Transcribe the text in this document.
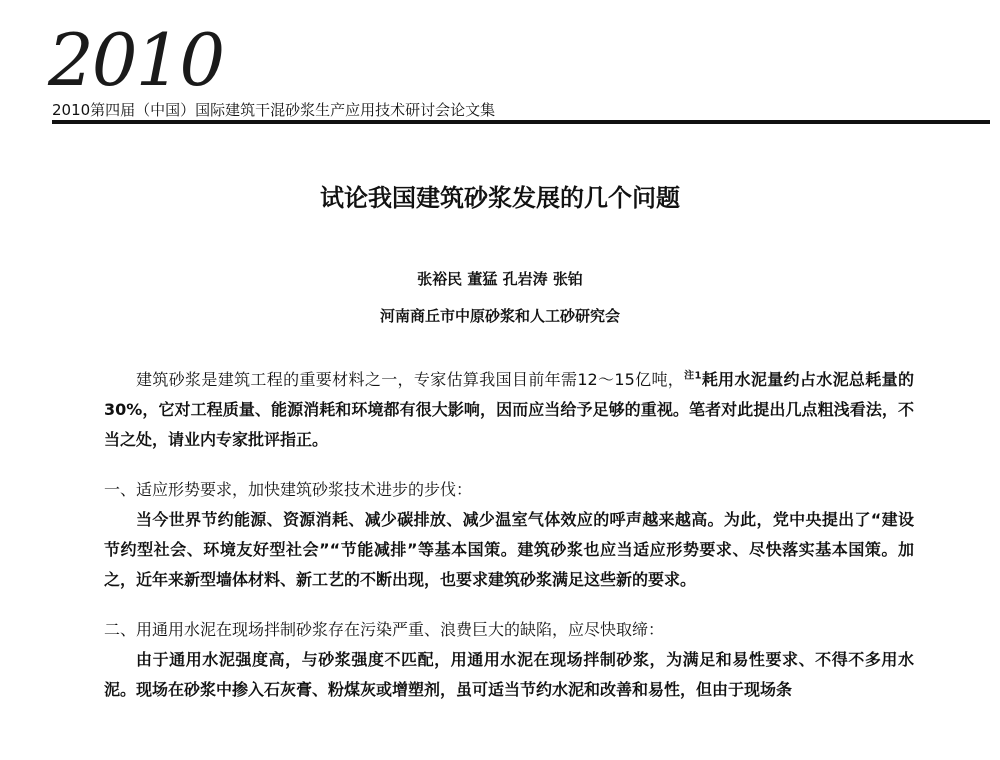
2010
2010第四届（中国）国际建筑干混砂浆生产应用技术研讨会论文集
试论我国建筑砂浆发展的几个问题
张裕民 董猛 孔岩涛 张铂
河南商丘市中原砂浆和人工砂研究会

建筑砂浆是建筑工程的重要材料之一，专家估算我国目前年需12～15亿吨，$^{注1}$耗用水泥量约占水泥总耗量的30%，它对工程质量、能源消耗和环境都有很大影响，因而应当给予足够的重视。笔者对此提出几点粗浅看法，不当之处，请业内专家批评指正。

一、适应形势要求，加快建筑砂浆技术进步的步伐：

当今世界节约能源、资源消耗、减少碳排放、减少温室气体效应的呼声越来越高。为此，党中央提出了“建设节约型社会、环境友好型社会”“节能减排”等基本国策。建筑砂浆也应当适应形势要求、尽快落实基本国策。加之，近年来新型墙体材料、新工艺的不断出现，也要求建筑砂浆满足这些新的要求。

二、用通用水泥在现场拌制砂浆存在污染严重、浪费巨大的缺陷，应尽快取缔：

由于通用水泥强度高，与砂浆强度不匹配，用通用水泥在现场拌制砂浆，为满足和易性要求、不得不多用水泥。现场在砂浆中掺入石灰膏、粉煤灰或增塑剂，虽可适当节约水泥和改善和易性，但由于现场条
